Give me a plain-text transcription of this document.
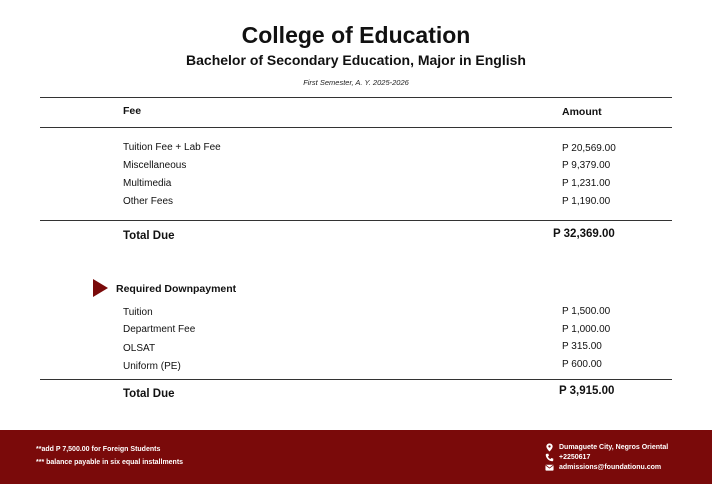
College of Education
Bachelor of Secondary Education, Major in English
First Semester, A. Y. 2025-2026
Fee	Amount
Tuition Fee + Lab Fee	P 20,569.00
Miscellaneous	P 9,379.00
Multimedia	P 1,231.00
Other Fees	P 1,190.00
Total Due	P 32,369.00
Required Downpayment
Tuition	P 1,500.00
Department Fee	P 1,000.00
OLSAT	P 315.00
Uniform (PE)	P 600.00
Total Due	P 3,915.00
**add P 7,500.00 for Foreign Students
*** balance payable in six equal installments
Dumaguete City, Negros Oriental
+2250617
admissions@foundationu.com
